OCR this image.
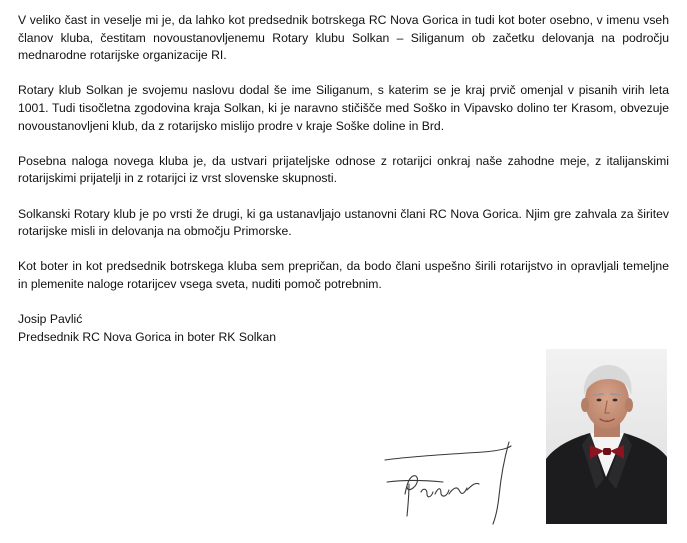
V veliko čast in veselje mi je, da lahko kot predsednik botrskega RC Nova Gorica in tudi kot boter osebno, v imenu vseh članov kluba, čestitam novoustanovljenemu Rotary klubu Solkan – Siliganum ob začetku delovanja na področju mednarodne rotarijske organizacije RI.

Rotary klub Solkan je svojemu naslovu dodal še ime Siliganum, s katerim se je kraj prvič omenjal v pisanih virih leta 1001. Tudi tisočletna zgodovina kraja Solkan, ki je naravno stičišče med Soško in Vipavsko dolino ter Krasom, obvezuje novoustanovljeni klub, da z rotarijsko mislijo prodre v kraje Soške doline in Brd.

Posebna naloga novega kluba je, da ustvari prijateljske odnose z rotarijci onkraj naše zahodne meje, z italijanskimi rotarijskimi prijatelji in z rotarijci iz vrst slovenske skupnosti.

Solkanski Rotary klub je po vrsti že drugi, ki ga ustanavljajo ustanovni člani RC Nova Gorica. Njim gre zahvala za širitev rotarijske misli in delovanja na območju Primorske.

Kot boter in kot predsednik botrskega kluba sem prepričan, da bodo člani uspešno širili rotarijstvo in opravljali temeljne in plemenite naloge rotarijcev vsega sveta, nuditi pomoč potrebnim.

Josip Pavlić

Predsednik RC Nova Gorica in boter RK Solkan
